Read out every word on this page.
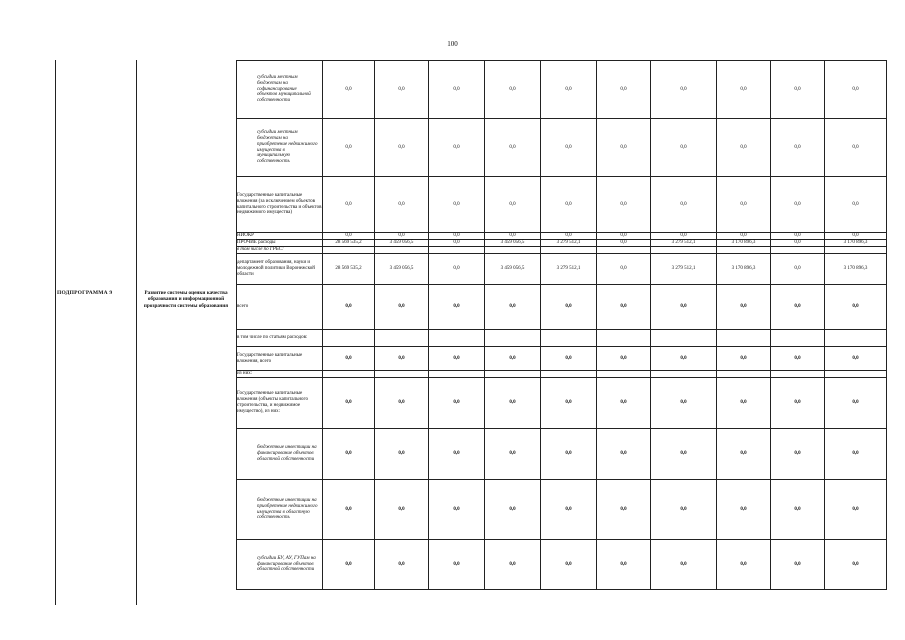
100
ПОДПРОГРАММА 9	Развитие системы оценки качества образования и информационной прозрачности системы образования
субсидии местным бюджетам на софинансирование объектов муниципальной собственности	0,0	0,0	0,0	0,0	0,0	0,0	0,0	0,0	0,0	0,0
субсидии местным бюджетам на приобретение недвижимого имущества в муниципальную собственность	0,0	0,0	0,0	0,0	0,0	0,0	0,0	0,0	0,0	0,0
Государственные капитальные вложения (за исключением объектов капитального строительства и объектов недвижимого имущества)	0,0	0,0	0,0	0,0	0,0	0,0	0,0	0,0	0,0	0,0
НИОКР	0,0	0,0	0,0	0,0	0,0	0,0	0,0	0,0	0,0	0,0
ПРОЧИЕ расходы	28 569 535,2	3 459 056,5	0,0	3 459 056,5	3 279 512,1	0,0	3 279 512,1	3 170 896,3	0,0	3 170 896,3
в том числе по ГРБС:										
департамент образования, науки и молодежной политики Воронежской области	28 569 535,2	3 459 056,5	0,0	3 459 056,5	3 279 512,1	0,0	3 279 512,1	3 170 896,3	0,0	3 170 896,3
всего	0,0	0,0	0,0	0,0	0,0	0,0	0,0	0,0	0,0	0,0
в том числе по статьям расходов:										
Государственные капитальные вложения, всего	0,0	0,0	0,0	0,0	0,0	0,0	0,0	0,0	0,0	0,0
из них:										
Государственные капитальные вложения (объекты капитального строительства, и недвижимое имущество), из них:	0,0	0,0	0,0	0,0	0,0	0,0	0,0	0,0	0,0	0,0
бюджетные инвестиции на финансирование объектов областной собственности	0,0	0,0	0,0	0,0	0,0	0,0	0,0	0,0	0,0	0,0
бюджетные инвестиции на приобретение недвижимого имущества в областную собственность	0,0	0,0	0,0	0,0	0,0	0,0	0,0	0,0	0,0	0,0
субсидии БУ, АУ, ГУПам на финансирование объектов областной собственности	0,0	0,0	0,0	0,0	0,0	0,0	0,0	0,0	0,0	0,0
